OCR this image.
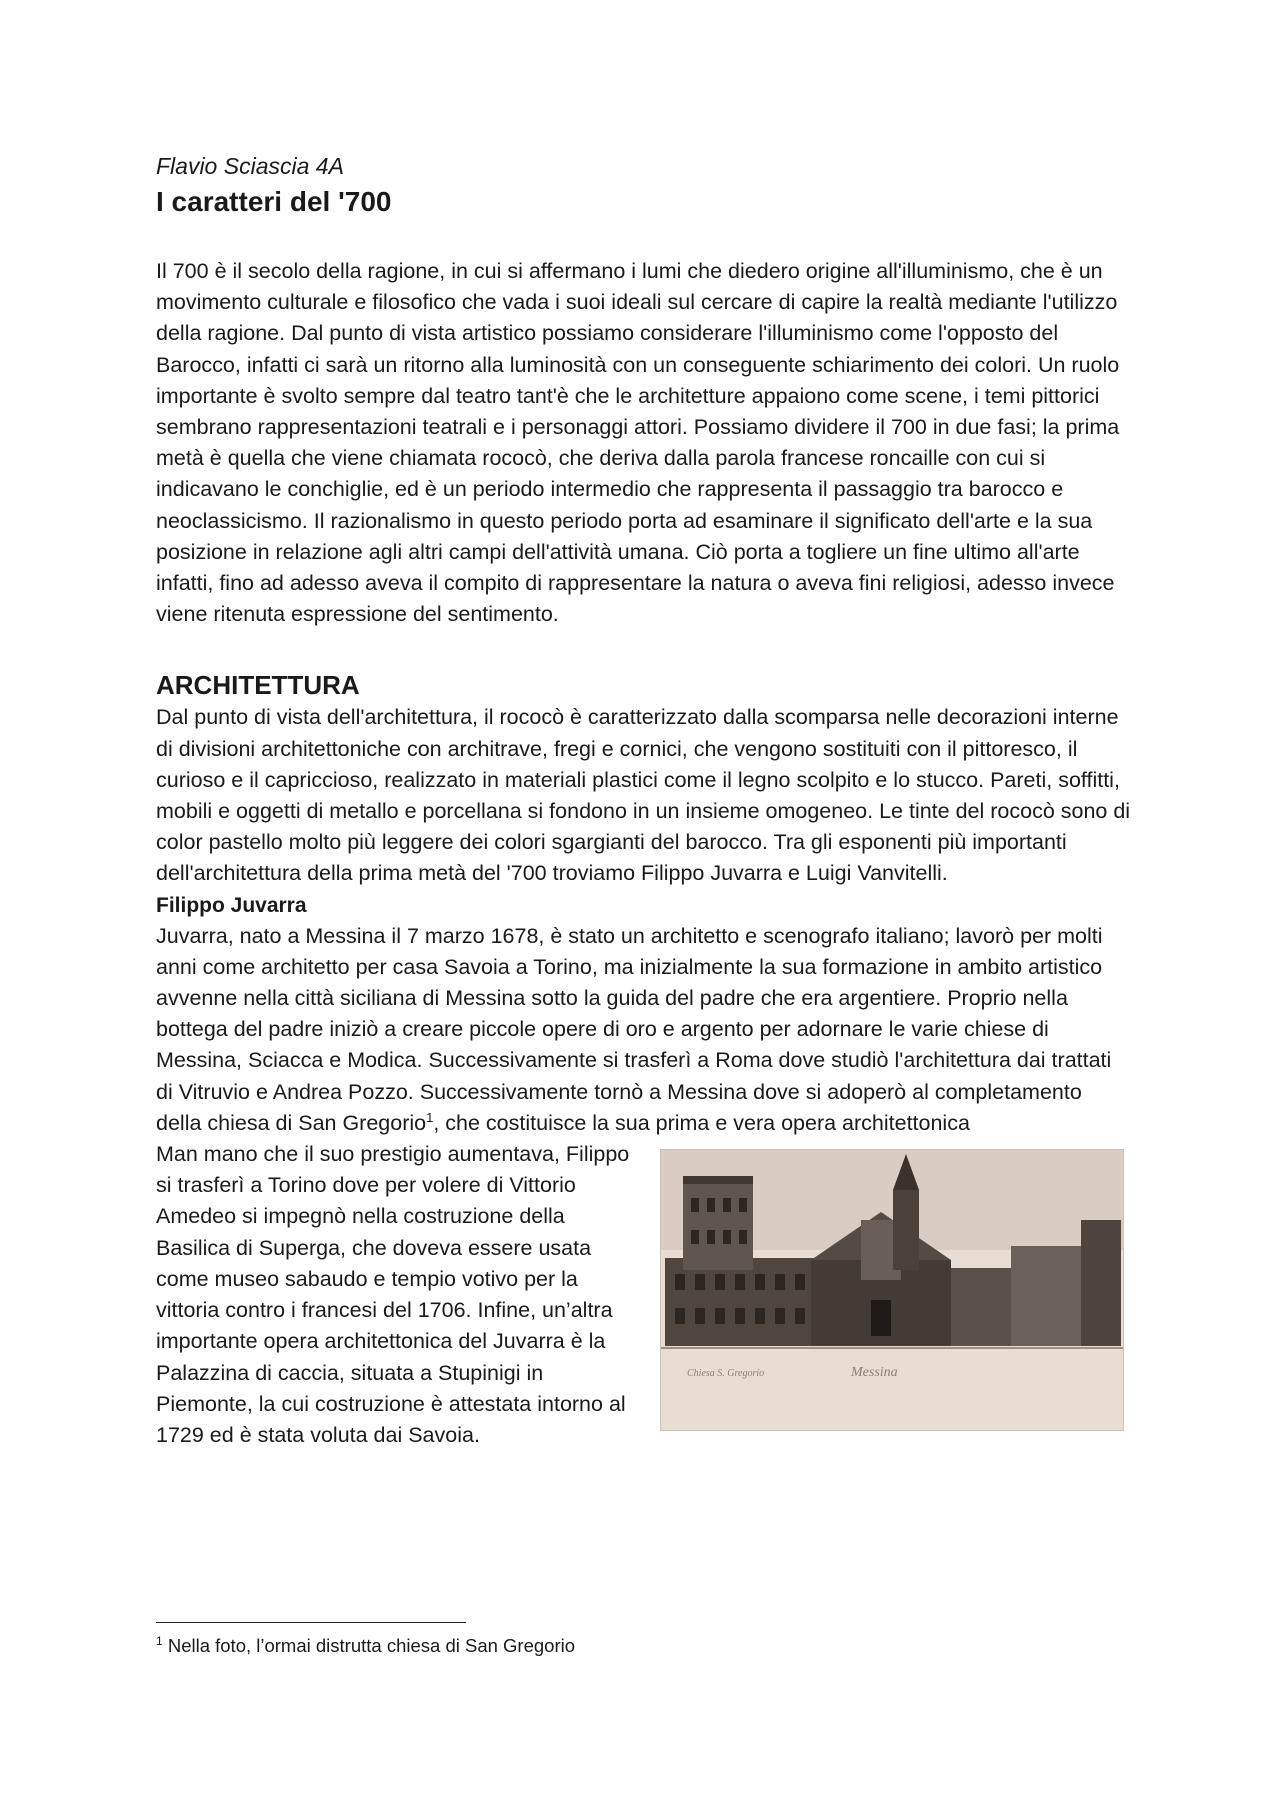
Flavio Sciascia 4A

I caratteri del '700

Il 700 è il secolo della ragione, in cui si affermano i lumi che diedero origine all'illuminismo, che è un movimento culturale e filosofico che vada i suoi ideali sul cercare di capire la realtà mediante l'utilizzo della ragione. Dal punto di vista artistico possiamo considerare l'illuminismo come l'opposto del Barocco, infatti ci sarà un ritorno alla luminosità con un conseguente schiarimento dei colori. Un ruolo importante è svolto sempre dal teatro tant'è che le architetture appaiono come scene, i temi pittorici sembrano rappresentazioni teatrali e i personaggi attori. Possiamo dividere il 700 in due fasi; la prima metà è quella che viene chiamata rococò, che deriva dalla parola francese roncaille con cui si indicavano le conchiglie, ed è un periodo intermedio che rappresenta il passaggio tra barocco e neoclassicismo. Il razionalismo in questo periodo porta ad esaminare il significato dell'arte e la sua posizione in relazione agli altri campi dell'attività umana. Ciò porta a togliere un fine ultimo all'arte infatti, fino ad adesso aveva il compito di rappresentare la natura o aveva fini religiosi, adesso invece viene ritenuta espressione del sentimento.

ARCHITETTURA

Dal punto di vista dell'architettura, il rococò è caratterizzato dalla scomparsa nelle decorazioni interne di divisioni architettoniche con architrave, fregi e cornici, che vengono sostituiti con il pittoresco, il curioso e il capriccioso, realizzato in materiali plastici come il legno scolpito e lo stucco. Pareti, soffitti, mobili e oggetti di metallo e porcellana si fondono in un insieme omogeneo. Le tinte del rococò sono di color pastello molto più leggere dei colori sgargianti del barocco. Tra gli esponenti più importanti dell'architettura della prima metà del '700 troviamo Filippo Juvarra e Luigi Vanvitelli.

Filippo Juvarra

Juvarra, nato a Messina il 7 marzo 1678, è stato un architetto e scenografo italiano; lavorò per molti anni come architetto per casa Savoia a Torino, ma inizialmente la sua formazione in ambito artistico avvenne nella città siciliana di Messina sotto la guida del padre che era argentiere. Proprio nella bottega del padre iniziò a creare piccole opere di oro e argento per adornare le varie chiese di Messina, Sciacca e Modica. Successivamente si trasferì a Roma dove studiò l'architettura dai trattati di Vitruvio e Andrea Pozzo. Successivamente tornò a Messina dove si adoperò al completamento della chiesa di San Gregorio$^1$, che costituisce la sua prima e vera opera architettonica

Chiesa S. Gregorio	Messina

Man mano che il suo prestigio aumentava, Filippo si trasferì a Torino dove per volere di Vittorio Amedeo si impegnò nella costruzione della Basilica di Superga, che doveva essere usata come museo sabaudo e tempio votivo per la vittoria contro i francesi del 1706. Infine, un’altra importante opera architettonica del Juvarra è la Palazzina di caccia, situata a Stupinigi in Piemonte, la cui costruzione è attestata intorno al 1729 ed è stata voluta dai Savoia.

$^1$ Nella foto, l’ormai distrutta chiesa di San Gregorio
